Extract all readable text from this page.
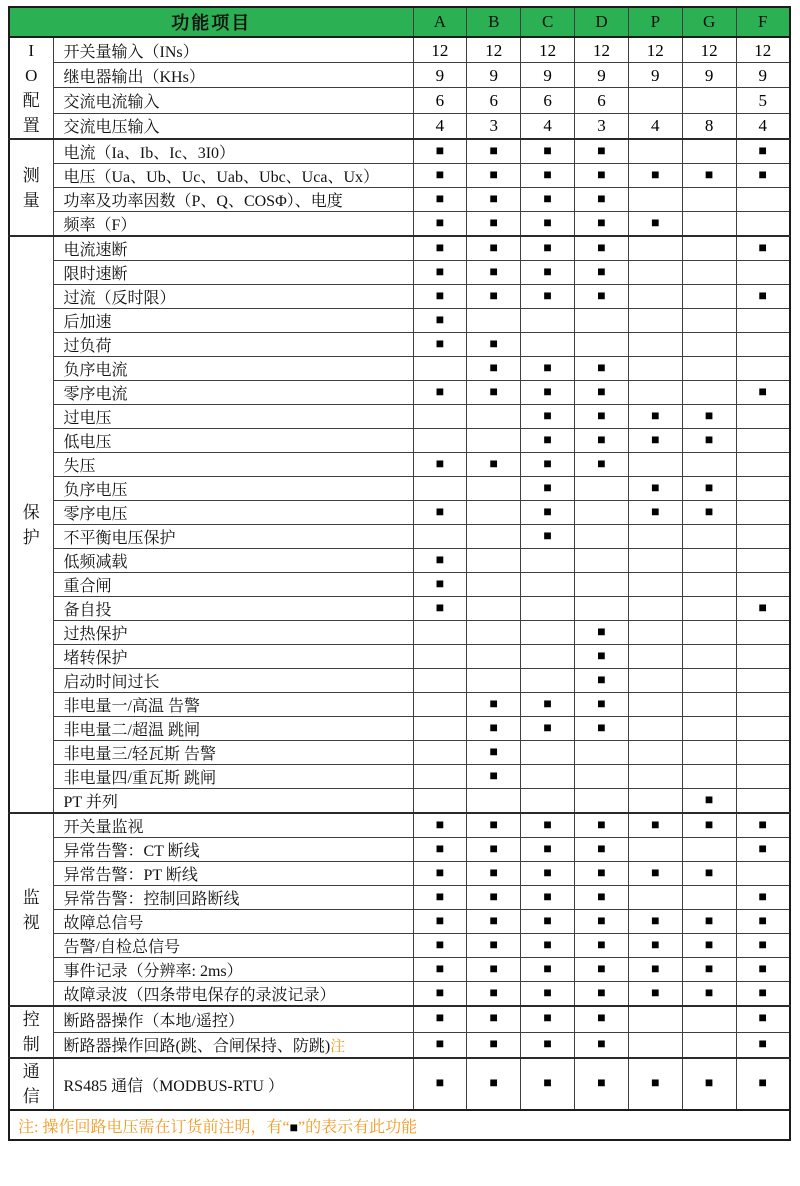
功能项目		A	B	C	D	P	G	F

I
O
配
置	开关量输入（INs）	12	12	12	12	12	12	12
	继电器输出（KHs）	9	9	9	9	9	9	9
	交流电流输入	6	6	6	6			5
	交流电压输入	4	3	4	3	4	8	4

测
量	电流（Ia、Ib、Ic、3I0）	■	■	■	■			■
	电压（Ua、Ub、Uc、Uab、Ubc、Uca、Ux）	■	■	■	■	■	■	■
	功率及功率因数（P、Q、COSΦ）、电度	■	■	■	■			
	频率（F）	■	■	■	■	■		

保
护	电流速断	■	■	■	■			■
	限时速断	■	■	■	■			
	过流（反时限）	■	■	■	■			■
	后加速	■						
	过负荷	■	■					
	负序电流		■	■	■			
	零序电流	■	■	■	■			■
	过电压			■	■	■	■	
	低电压			■	■	■	■	
	失压	■	■	■	■			
	负序电压			■		■	■	
	零序电压	■		■		■	■	
	不平衡电压保护			■				
	低频减载	■						
	重合闸	■						
	备自投	■						■
	过热保护				■			
	堵转保护				■			
	启动时间过长				■			
	非电量一/高温 告警		■	■	■			
	非电量二/超温 跳闸		■	■	■			
	非电量三/轻瓦斯 告警		■					
	非电量四/重瓦斯 跳闸		■					
	PT 并列						■	

监
视	开关量监视	■	■	■	■	■	■	■
	异常告警：CT 断线	■	■	■	■			■
	异常告警：PT 断线	■	■	■	■	■	■	
	异常告警：控制回路断线	■	■	■	■			■
	故障总信号	■	■	■	■	■	■	■
	告警/自检总信号	■	■	■	■	■	■	■
	事件记录（分辨率: 2ms）	■	■	■	■	■	■	■
	故障录波（四条带电保存的录波记录）	■	■	■	■	■	■	■

控
制	断路器操作（本地/遥控）	■	■	■	■			■
	断路器操作回路(跳、合闸保持、防跳)注	■	■	■	■			■

通
信	RS485 通信（MODBUS-RTU ）	■	■	■	■	■	■	■
注: 操作回路电压需在订货前注明，有“■”的表示有此功能								
